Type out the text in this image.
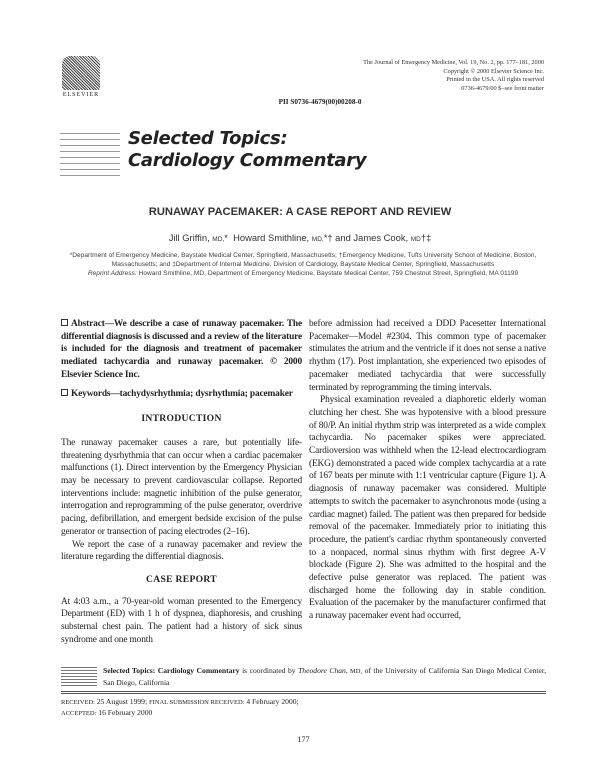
ELSEVIER
The Journal of Emergency Medicine, Vol. 19, No. 2, pp. 177–181, 2000
Copyright © 2000 Elsevier Science Inc.
Printed in the USA. All rights reserved
0736-4679/00 $–see front matter
PII S0736-4679(00)00208-0
Selected Topics:
Cardiology Commentary
RUNAWAY PACEMAKER: A CASE REPORT AND REVIEW
Jill Griffin, MD,* Howard Smithline, MD,*† and James Cook, MD†‡
*Department of Emergency Medicine, Baystate Medical Center, Springfield, Massachusetts; †Emergency Medicine, Tufts University School of Medicine, Boston, Massachusetts; and ‡Department of Internal Medicine, Division of Cardiology, Baystate Medical Center, Springfield, Massachusetts
Reprint Address: Howard Smithline, MD, Department of Emergency Medicine, Baystate Medical Center, 759 Chestnut Street, Springfield, MA 01199
Abstract—We describe a case of runaway pacemaker. The differential diagnosis is discussed and a review of the literature is included for the diagnosis and treatment of pacemaker mediated tachycardia and runaway pacemaker. © 2000 Elsevier Science Inc.
Keywords—tachydysrhythmia; dysrhythmia; pacemaker
INTRODUCTION
The runaway pacemaker causes a rare, but potentially life-threatening dysrhythmia that can occur when a cardiac pacemaker malfunctions (1). Direct intervention by the Emergency Physician may be necessary to prevent cardiovascular collapse. Reported interventions include: magnetic inhibition of the pulse generator, interrogation and reprogramming of the pulse generator, overdrive pacing, defibrillation, and emergent bedside excision of the pulse generator or transection of pacing electrodes (2–16).
We report the case of a runaway pacemaker and review the literature regarding the differential diagnosis.
CASE REPORT
At 4:03 a.m., a 70-year-old woman presented to the Emergency Department (ED) with 1 h of dyspnea, diaphoresis, and crushing substernal chest pain. The patient had a history of sick sinus syndrome and one month
before admission had received a DDD Pacesetter International Pacemaker—Model #2304. This common type of pacemaker stimulates the atrium and the ventricle if it does not sense a native rhythm (17). Post implantation, she experienced two episodes of pacemaker mediated tachycardia that were successfully terminated by reprogramming the timing intervals.
Physical examination revealed a diaphoretic elderly woman clutching her chest. She was hypotensive with a blood pressure of 80/P. An initial rhythm strip was interpreted as a wide complex tachycardia. No pacemaker spikes were appreciated. Cardioversion was withheld when the 12-lead electrocardiogram (EKG) demonstrated a paced wide complex tachycardia at a rate of 167 beats per minute with 1:1 ventricular capture (Figure 1). A diagnosis of runaway pacemaker was considered. Multiple attempts to switch the pacemaker to asynchronous mode (using a cardiac magnet) failed. The patient was then prepared for bedside removal of the pacemaker. Immediately prior to initiating this procedure, the patient's cardiac rhythm spontaneously converted to a nonpaced, normal sinus rhythm with first degree A-V blockade (Figure 2). She was admitted to the hospital and the defective pulse generator was replaced. The patient was discharged home the following day in stable condition. Evaluation of the pacemaker by the manufacturer confirmed that a runaway pacemaker event had occurred,
Selected Topics: Cardiology Commentary is coordinated by Theodore Chan, MD, of the University of California San Diego Medical Center, San Diego, California
RECEIVED: 25 August 1999; FINAL SUBMISSION RECEIVED: 4 February 2000;
ACCEPTED: 16 February 2000
177
